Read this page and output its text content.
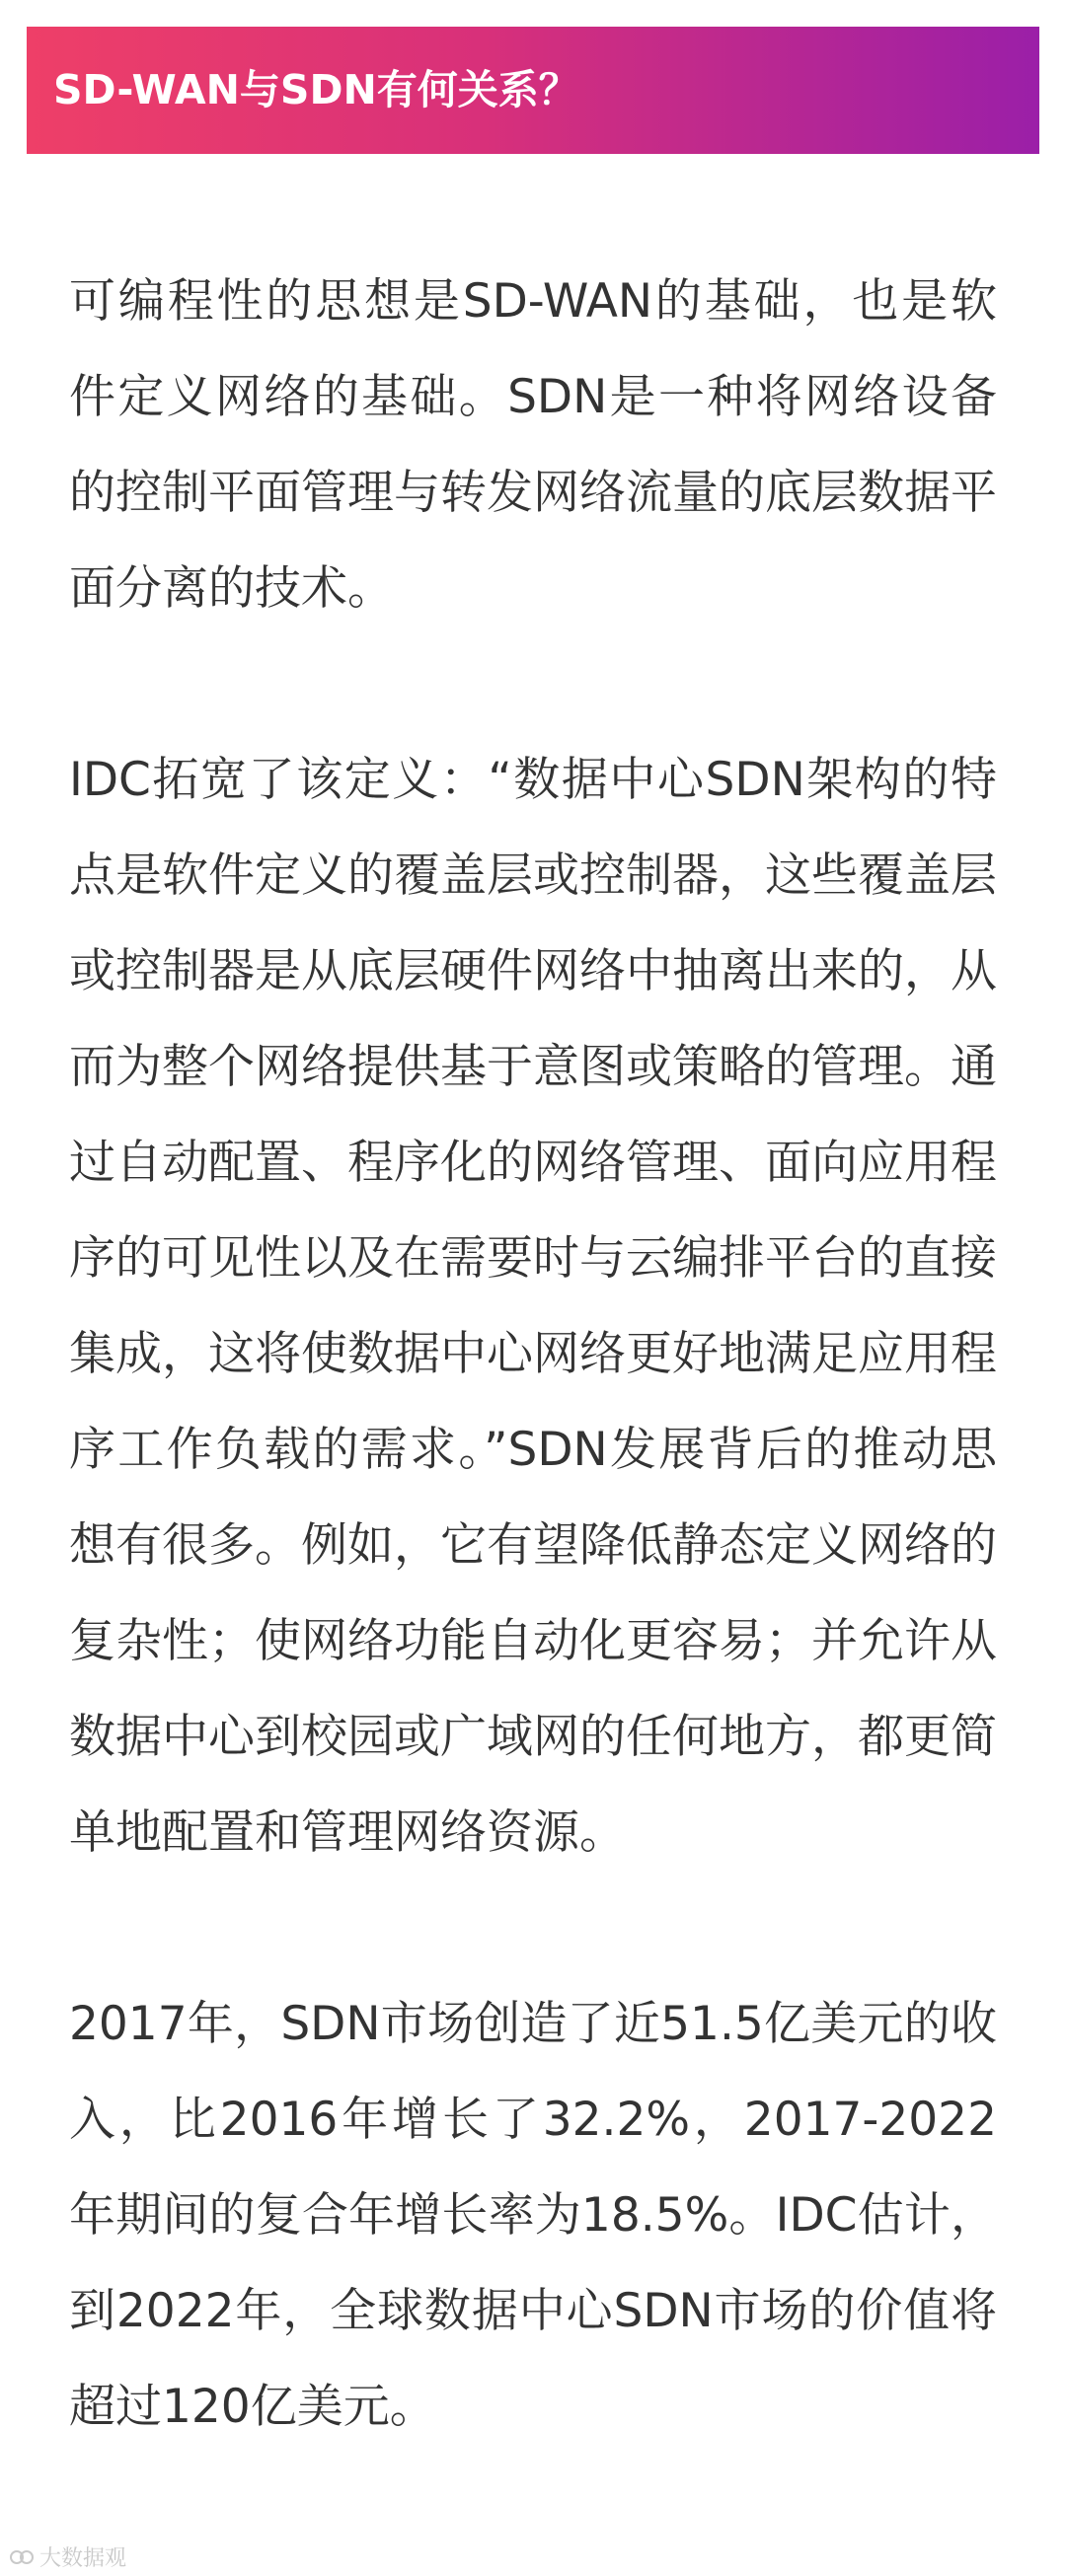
SD-WAN与SDN有何关系？

可编程性的思想是SD-WAN的基础，也是软件定义网络的基础。SDN是一种将网络设备的控制平面管理与转发网络流量的底层数据平面分离的技术。

IDC拓宽了该定义：“数据中心SDN架构的特点是软件定义的覆盖层或控制器，这些覆盖层或控制器是从底层硬件网络中抽离出来的，从而为整个网络提供基于意图或策略的管理。通过自动配置、程序化的网络管理、面向应用程序的可见性以及在需要时与云编排平台的直接集成，这将使数据中心网络更好地满足应用程序工作负载的需求。”SDN发展背后的推动思想有很多。例如，它有望降低静态定义网络的复杂性；使网络功能自动化更容易；并允许从数据中心到校园或广域网的任何地方，都更简单地配置和管理网络资源。

2017年，SDN市场创造了近51.5亿美元的收入，比2016年增长了32.2%，2017-2022年期间的复合年增长率为18.5%。IDC估计，到2022年，全球数据中心SDN市场的价值将超过120亿美元。

大数据观
